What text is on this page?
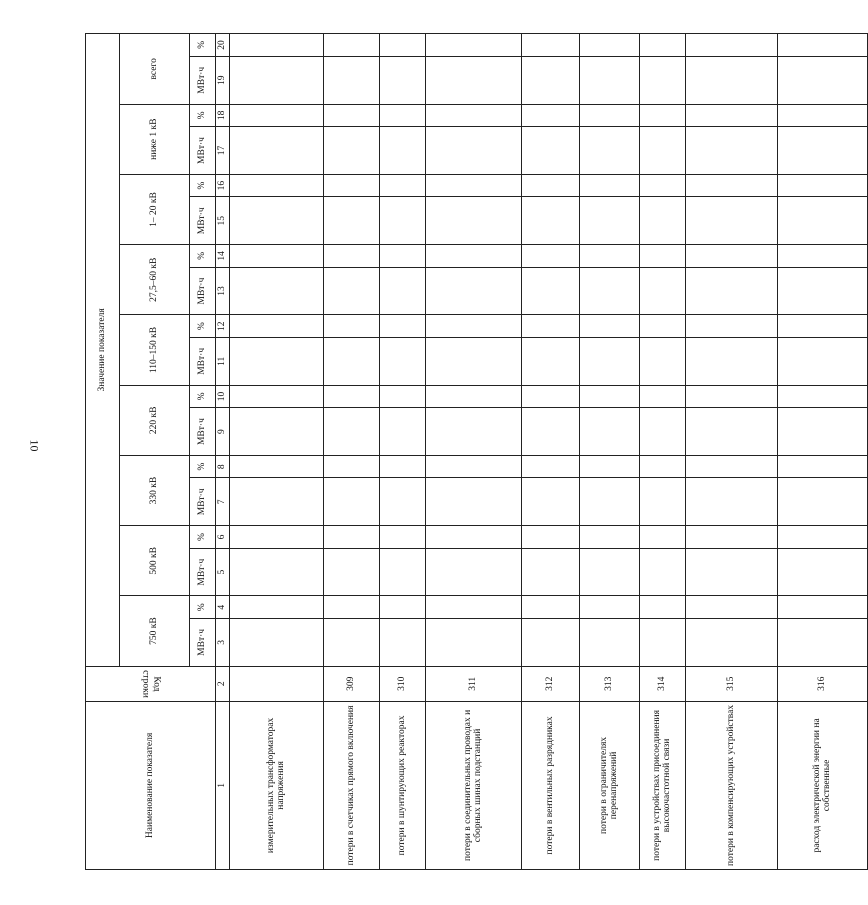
10
Наименование показателя	Код строки	Значение показателя																	
		750 кВ		500 кВ		330 кВ		220 кВ		110–150 кВ		27,5–60 кВ		1– 20 кВ		ниже 1 кВ		всего	
		МВт·ч	%	МВт·ч	%	МВт·ч	%	МВт·ч	%	МВт·ч	%	МВт·ч	%	МВт·ч	%	МВт·ч	%	МВт·ч	%
1	2	3	4	5	6	7	8	9	10	11	12	13	14	15	16	17	18	19	20
измерительных трансформаторах напряжения																			
потери в счетчиках прямого включения	309																		
потери в шунтирующих реакторах	310																		
потери в соединительных проводах и сборных шинах подстанций	311																		
потери в вентильных разрядниках	312																		
потери в ограничителях перенапряжений	313																		
потери в устройствах присоединения высокочастотной связи	314																		
потери в компенсирующих устройствах	315																		
расход электрической энергии на собственные	316																		
